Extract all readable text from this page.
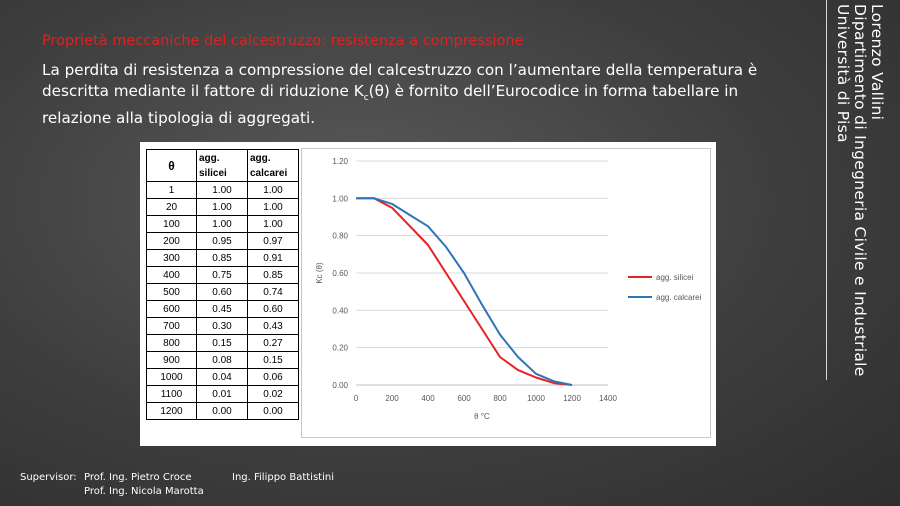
Lorenzo Vallini
Dipartimento di Ingegneria Civile e Industriale
Università di Pisa
Proprietà meccaniche del calcestruzzo: resistenza a compressione
La perdita di resistenza a compressione del calcestruzzo con l’aumentare della temperatura è descritta mediante il fattore di riduzione $K_c(\theta)$ è fornito dell’Eurocodice in forma tabellare in relazione alla tipologia di aggregati.
θ	agg. silicei	agg. calcarei
1	1.00	1.00
20	1.00	1.00
100	1.00	1.00
200	0.95	0.97
300	0.85	0.91
400	0.75	0.85
500	0.60	0.74
600	0.45	0.60
700	0.30	0.43
800	0.15	0.27
900	0.08	0.15
1000	0.04	0.06
1100	0.01	0.02
1200	0.00	0.00
0.00
0.20
0.40
0.60
0.80
1.00
1.20
0	200	400	600	800	1000 1200 1400
θ °C
Kc (θ)	agg. silicei
agg. calcarei
Supervisor: Prof. Ing. Pietro Croce
Prof. Ing. Nicola Marotta
Ing. Filippo Battistini
